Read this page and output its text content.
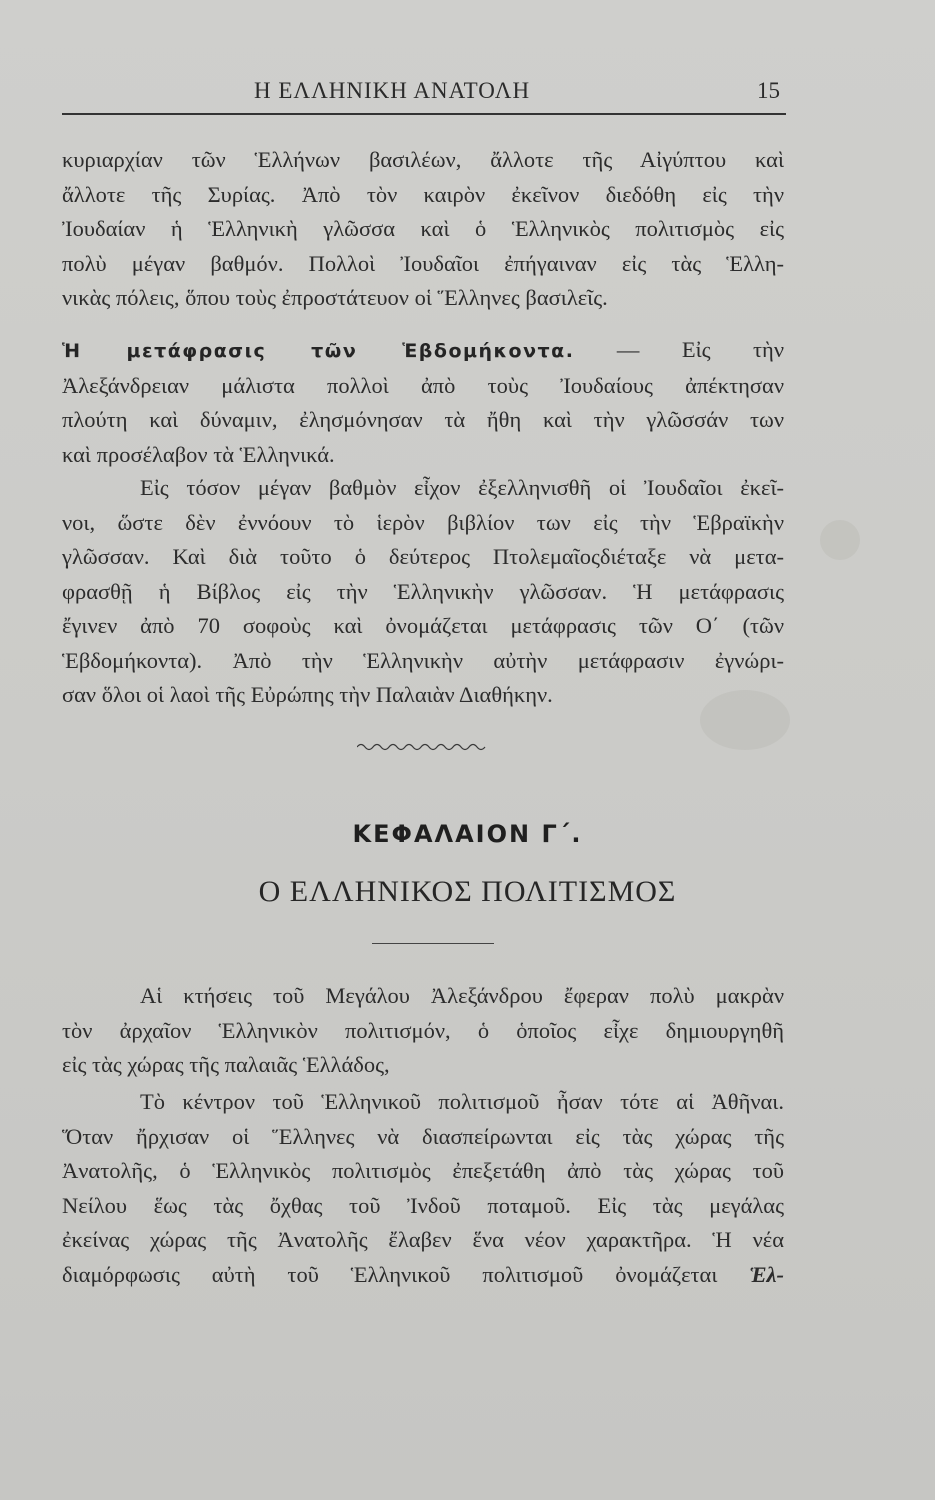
Η ΕΛΛΗΝΙΚΗ ΑΝΑΤΟΛΗ	15
κυριαρχίαν τῶν Ἑλλήνων βασιλέων, ἄλλοτε τῆς Αἰγύπτου καὶ
ἄλλοτε τῆς Συρίας. Ἀπὸ τὸν καιρὸν ἐκεῖνον διεδόθη εἰς τὴν
Ἰουδαίαν ἡ Ἑλληνικὴ γλῶσσα καὶ ὁ Ἑλληνικὸς πολιτισμὸς εἰς
πολὺ μέγαν βαθμόν. Πολλοὶ Ἰουδαῖοι ἐπήγαιναν εἰς τὰς Ἑλλη-
νικὰς πόλεις, ὅπου τοὺς ἐπροστάτευον οἱ Ἕλληνες βασιλεῖς.
Ἡ μετάφρασις τῶν Ἑβδομήκοντα. — Εἰς τὴν
Ἀλεξάνδρειαν μάλιστα πολλοὶ ἀπὸ τοὺς Ἰουδαίους ἀπέκτησαν
πλούτη καὶ δύναμιν, ἐλησμόνησαν τὰ ἤθη καὶ τὴν γλῶσσάν των
καὶ προσέλαβον τὰ Ἑλληνικά.
Εἰς τόσον μέγαν βαθμὸν εἶχον ἐξελληνισθῆ οἱ Ἰουδαῖοι ἐκεῖ-
νοι, ὥστε δὲν ἐννόουν τὸ ἱερὸν βιβλίον των εἰς τὴν Ἑβραϊκὴν
γλῶσσαν. Καὶ διὰ τοῦτο ὁ δεύτερος Πτολεμαῖοςδιέταξε νὰ μετα-
φρασθῇ ἡ Βίβλος εἰς τὴν Ἑλληνικὴν γλῶσσαν. Ἡ μετάφρασις
ἔγινεν ἀπὸ 70 σοφοὺς καὶ ὀνομάζεται μετάφρασις τῶν Ο΄ (τῶν
Ἑβδομήκοντα). Ἀπὸ τὴν Ἑλληνικὴν αὐτὴν μετάφρασιν ἐγνώρι-
σαν ὅλοι οἱ λαοὶ τῆς Εὐρώπης τὴν Παλαιὰν Διαθήκην.
ΚΕΦΑΛΑΙΟΝ Γ΄.
Ο ΕΛΛΗΝΙΚΟΣ ΠΟΛΙΤΙΣΜΟΣ
Αἱ κτήσεις τοῦ Μεγάλου Ἀλεξάνδρου ἔφεραν πολὺ μακρὰν
τὸν ἀρχαῖον Ἑλληνικὸν πολιτισμόν, ὁ ὁποῖος εἶχε δημιουργηθῆ
εἰς τὰς χώρας τῆς παλαιᾶς Ἑλλάδος,
Τὸ κέντρον τοῦ Ἑλληνικοῦ πολιτισμοῦ ἦσαν τότε αἱ Ἀθῆναι.
Ὅταν ἤρχισαν οἱ Ἕλληνες νὰ διασπείρωνται εἰς τὰς χώρας τῆς
Ἀνατολῆς, ὁ Ἑλληνικὸς πολιτισμὸς ἐπεξετάθη ἀπὸ τὰς χώρας τοῦ
Νείλου ἕως τὰς ὄχθας τοῦ Ἰνδοῦ ποταμοῦ. Εἰς τὰς μεγάλας
ἐκείνας χώρας τῆς Ἀνατολῆς ἔλαβεν ἕνα νέον χαρακτῆρα. Ἡ νέα
διαμόρφωσις αὐτὴ τοῦ Ἑλληνικοῦ πολιτισμοῦ ὀνομάζεται Ἑλ-
